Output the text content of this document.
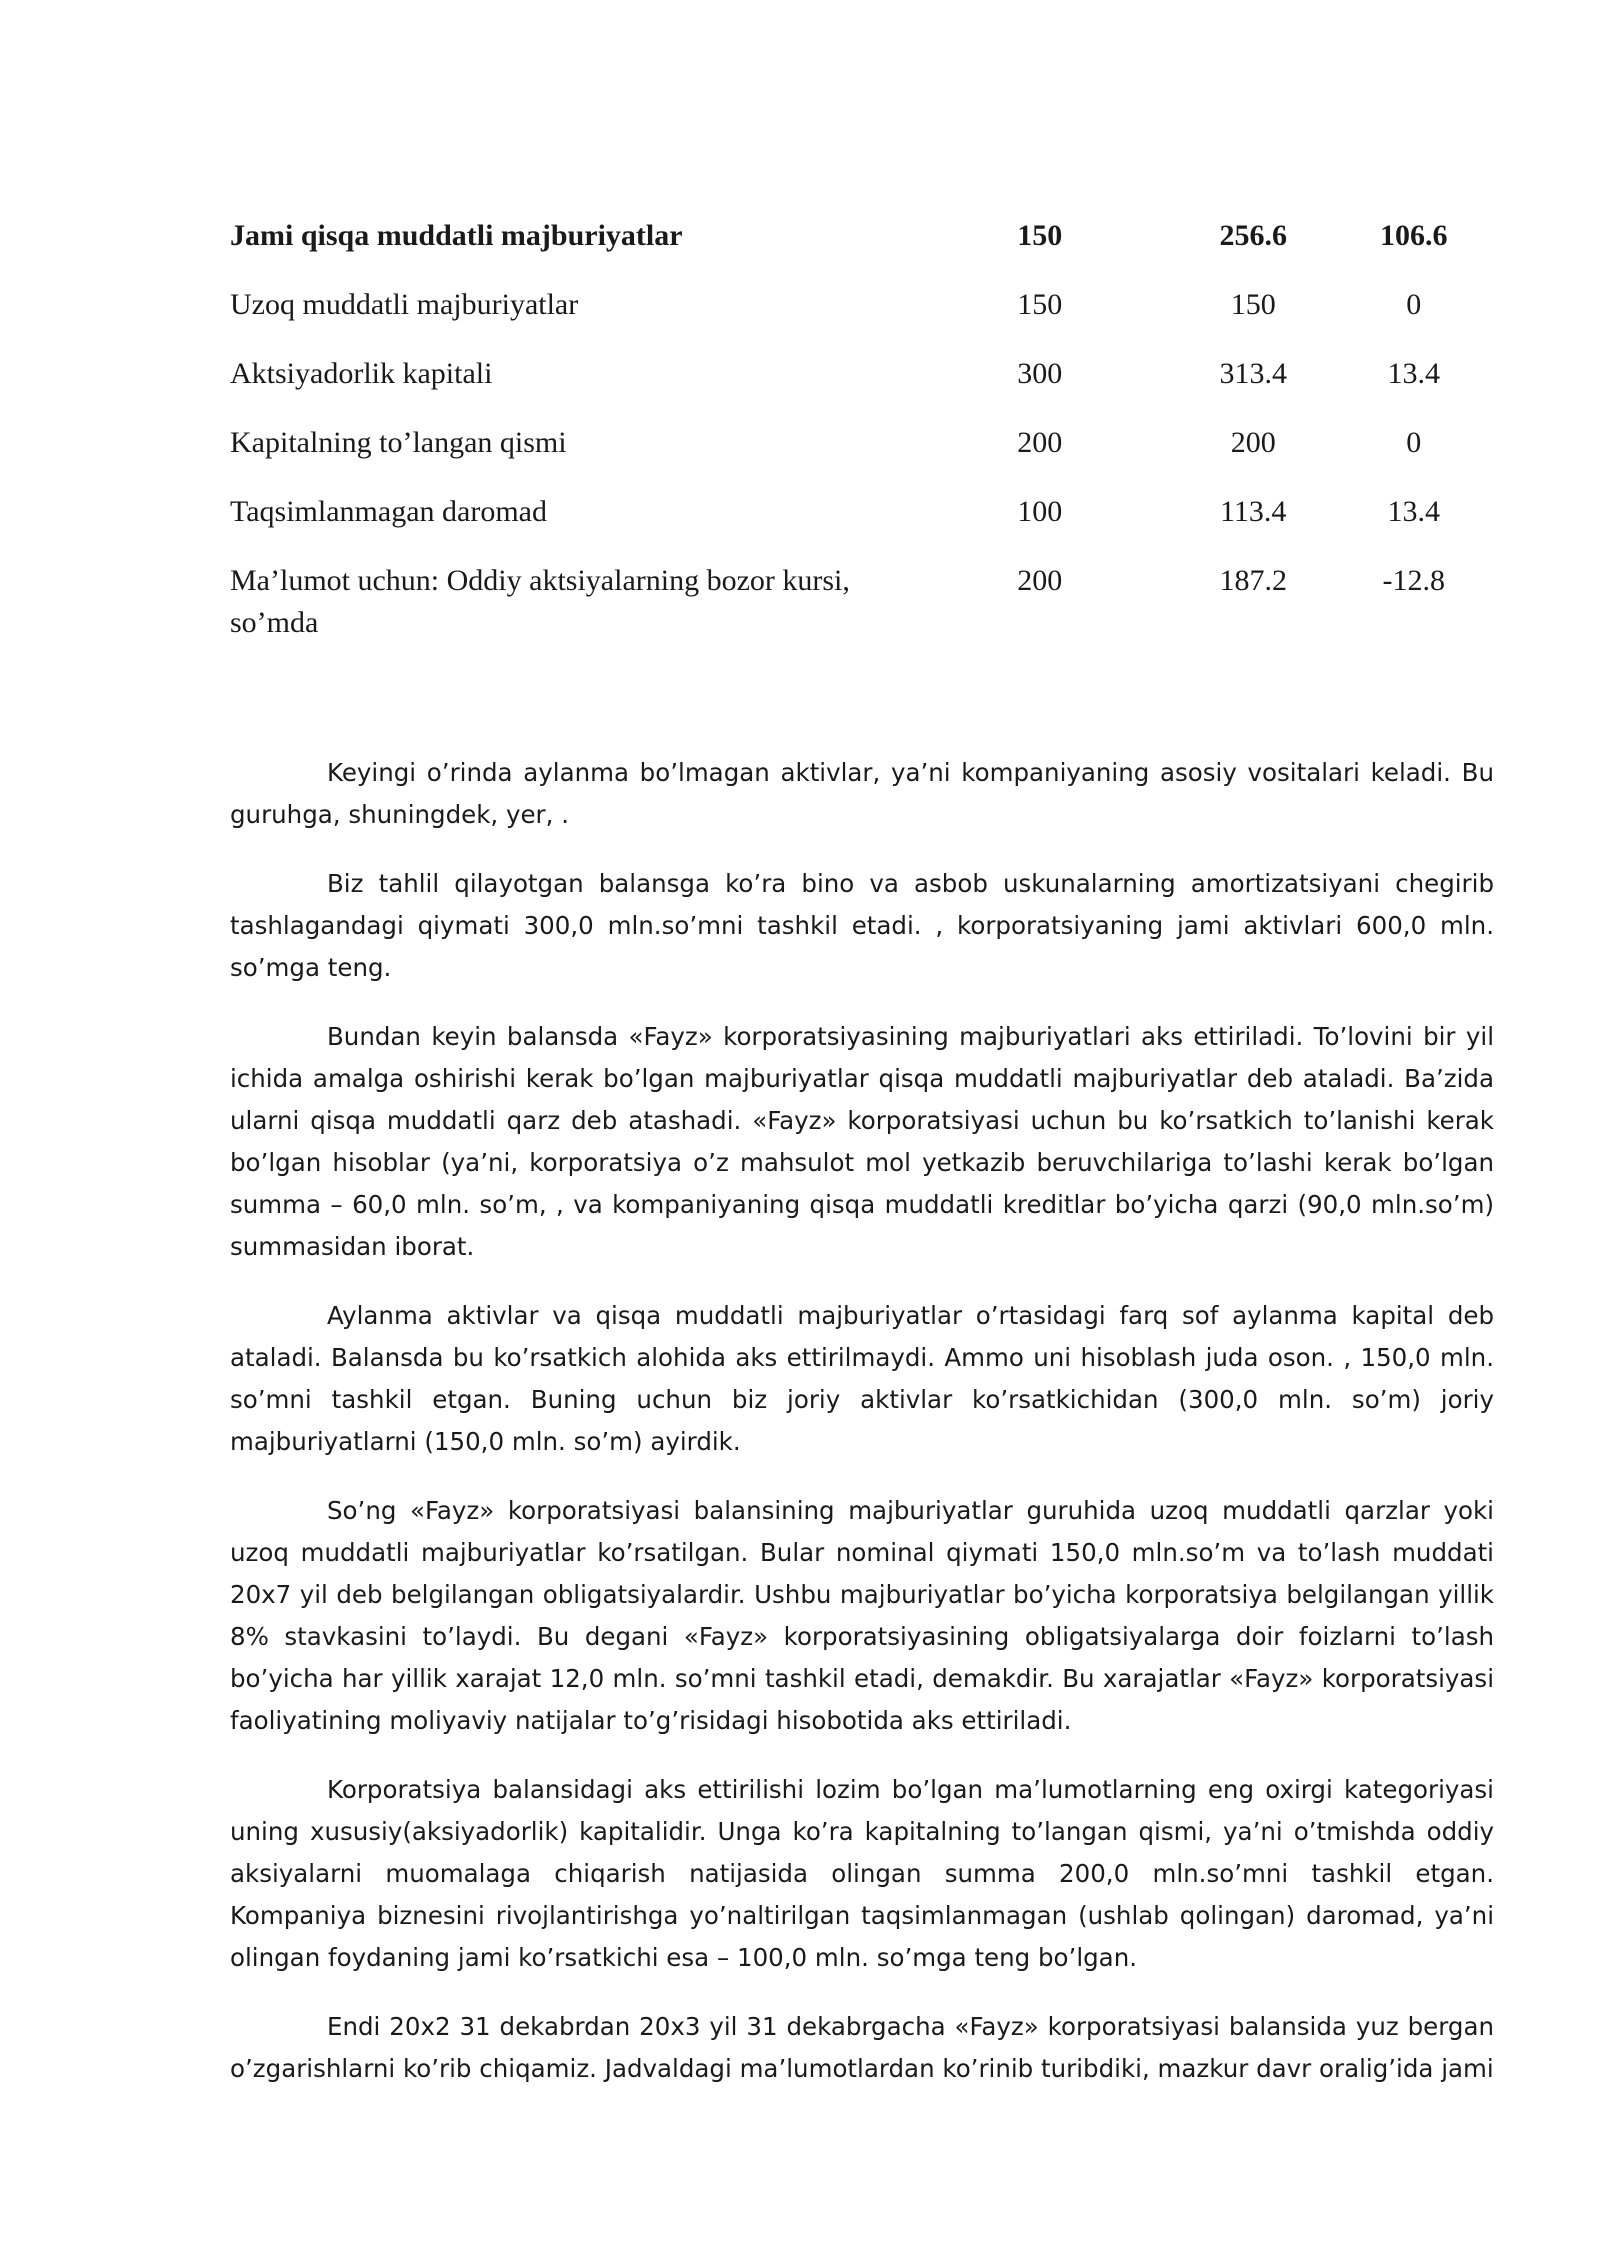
Jami qisqa muddatli majburiyatlar	150	256.6	106.6
Uzoq muddatli majburiyatlar	150	150	0
Aktsiyadorlik kapitali	300	313.4	13.4
Kapitalning to’langan qismi	200	200	0
Taqsimlanmagan daromad	100	113.4	13.4
Ma’lumot uchun: Oddiy aktsiyalarning bozor kursi, so’mda	200	187.2	-12.8

Keyingi o’rinda aylanma bo’lmagan aktivlar, ya’ni kompaniyaning asosiy vositalari keladi. Bu guruhga, shuningdek, yer, .

Biz tahlil qilayotgan balansga ko’ra bino va asbob uskunalarning amortizatsiyani chegirib tashlagandagi qiymati 300,0 mln.so’mni tashkil etadi. , korporatsiyaning jami aktivlari 600,0 mln. so’mga teng.

Bundan keyin balansda «Fayz» korporatsiyasining majburiyatlari aks ettiriladi. To’lovini bir yil ichida amalga oshirishi kerak bo’lgan majburiyatlar qisqa muddatli majburiyatlar deb ataladi. Ba’zida ularni qisqa muddatli qarz deb atashadi. «Fayz» korporatsiyasi uchun bu ko’rsatkich to’lanishi kerak bo’lgan hisoblar (ya’ni, korporatsiya o’z mahsulot mol yetkazib beruvchilariga to’lashi kerak bo’lgan summa – 60,0 mln. so’m, , va kompaniyaning qisqa muddatli kreditlar bo’yicha qarzi (90,0 mln.so’m) summasidan iborat.

Aylanma aktivlar va qisqa muddatli majburiyatlar o’rtasidagi farq sof aylanma kapital deb ataladi. Balansda bu ko’rsatkich alohida aks ettirilmaydi. Ammo uni hisoblash juda oson. , 150,0 mln. so’mni tashkil etgan. Buning uchun biz joriy aktivlar ko’rsatkichidan (300,0 mln. so’m) joriy majburiyatlarni (150,0 mln. so’m) ayirdik.

So’ng «Fayz» korporatsiyasi balansining majburiyatlar guruhida uzoq muddatli qarzlar yoki uzoq muddatli majburiyatlar ko’rsatilgan. Bular nominal qiymati 150,0 mln.so’m va to’lash muddati 20x7 yil deb belgilangan obligatsiyalardir. Ushbu majburiyatlar bo’yicha korporatsiya belgilangan yillik 8% stavkasini to’laydi. Bu degani «Fayz» korporatsiyasining obligatsiyalarga doir foizlarni to’lash bo’yicha har yillik xarajat 12,0 mln. so’mni tashkil etadi, demakdir. Bu xarajatlar «Fayz» korporatsiyasi faoliyatining moliyaviy natijalar to’g’risidagi hisobotida aks ettiriladi.

Korporatsiya balansidagi aks ettirilishi lozim bo’lgan ma’lumotlarning eng oxirgi kategoriyasi uning xususiy(aksiyadorlik) kapitalidir. Unga ko’ra kapitalning to’langan qismi, ya’ni o’tmishda oddiy aksiyalarni muomalaga chiqarish natijasida olingan summa 200,0 mln.so’mni tashkil etgan. Kompaniya biznesini rivojlantirishga yo’naltirilgan taqsimlanmagan (ushlab qolingan) daromad, ya’ni olingan foydaning jami ko’rsatkichi esa – 100,0 mln. so’mga teng bo’lgan.

Endi 20x2 31 dekabrdan 20x3 yil 31 dekabrgacha «Fayz» korporatsiyasi balansida yuz bergan o’zgarishlarni ko’rib chiqamiz. Jadvaldagi ma’lumotlardan ko’rinib turibdiki, mazkur davr oralig’ida jami
